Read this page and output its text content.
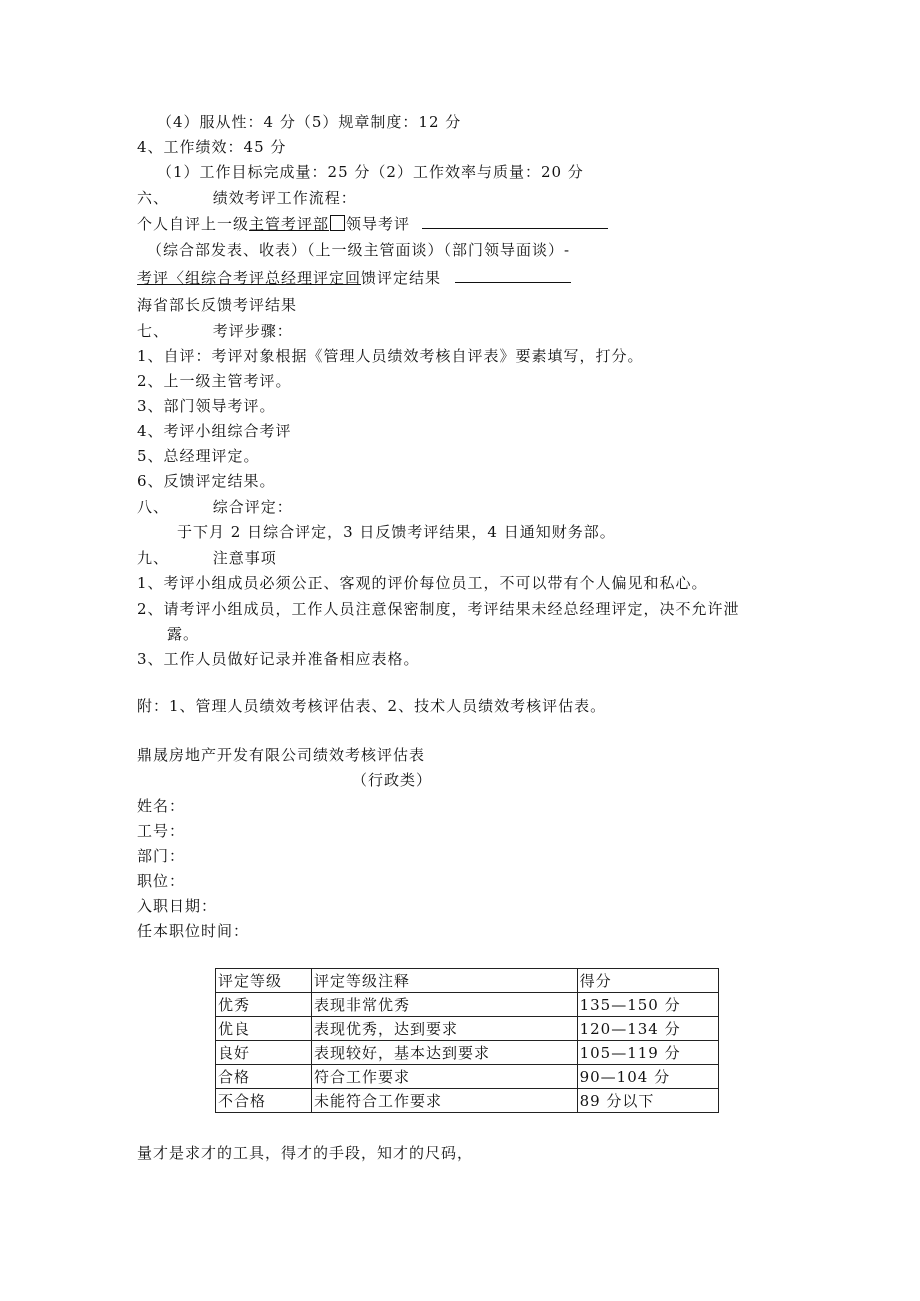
（4）服从性：4 分（5）规章制度：12 分
4、工作绩效：45 分
（1）工作目标完成量：25 分（2）工作效率与质量：20 分
六、	绩效考评工作流程：
个人自评上一级主管考评部 领导考评
（综合部发表、收表）（上一级主管面谈）（部门领导面谈）-
考评〈组综合考评总经理评定回馈评定结果
海省部长反馈考评结果
七、	考评步骤：
1、自评：考评对象根据《管理人员绩效考核自评表》要素填写，打分。
2、上一级主管考评。
3、部门领导考评。
4、考评小组综合考评
5、总经理评定。
6、反馈评定结果。
八、	综合评定：
于下月 2 日综合评定，3 日反馈考评结果，4 日通知财务部。
九、	注意事项
1、考评小组成员必须公正、客观的评价每位员工，不可以带有个人偏见和私心。
2、请考评小组成员，工作人员注意保密制度，考评结果未经总经理评定，决不允许泄
露。
3、工作人员做好记录并准备相应表格。
附：1、管理人员绩效考核评估表、2、技术人员绩效考核评估表。
鼎晟房地产开发有限公司绩效考核评估表
（行政类）
姓名：
工号：
部门：
职位：
入职日期：
任本职位时间：
评定等级	评定等级注释	得分
优秀	表现非常优秀	135—150 分
优良	表现优秀，达到要求	120—134 分
良好	表现较好，基本达到要求	105—119 分
合格	符合工作要求	90—104 分
不合格	未能符合工作要求	89 分以下
量才是求才的工具，得才的手段，知才的尺码，
